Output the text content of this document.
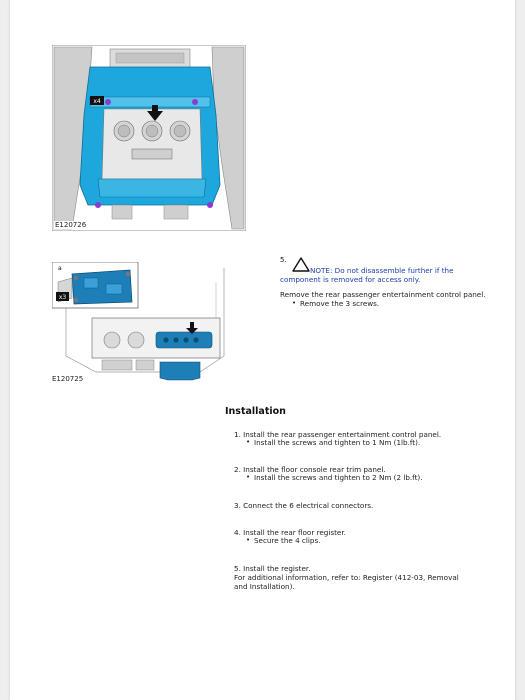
x4
E120726
a
x3
E120725
5.
NOTE: Do not disassemble further if the component is removed for access only.
Remove the rear passenger entertainment control panel.
• Remove the 3 screws.
Installation
1. Install the rear passenger entertainment control panel.
• Install the screws and tighten to 1 Nm (1lb.ft).
2. Install the floor console rear trim panel.
• Install the screws and tighten to 2 Nm (2 lb.ft).
3. Connect the 6 electrical connectors.
4. Install the rear floor register.
• Secure the 4 clips.
5. Install the register.
For additional information, refer to: Register (412-03, Removal and Installation).
